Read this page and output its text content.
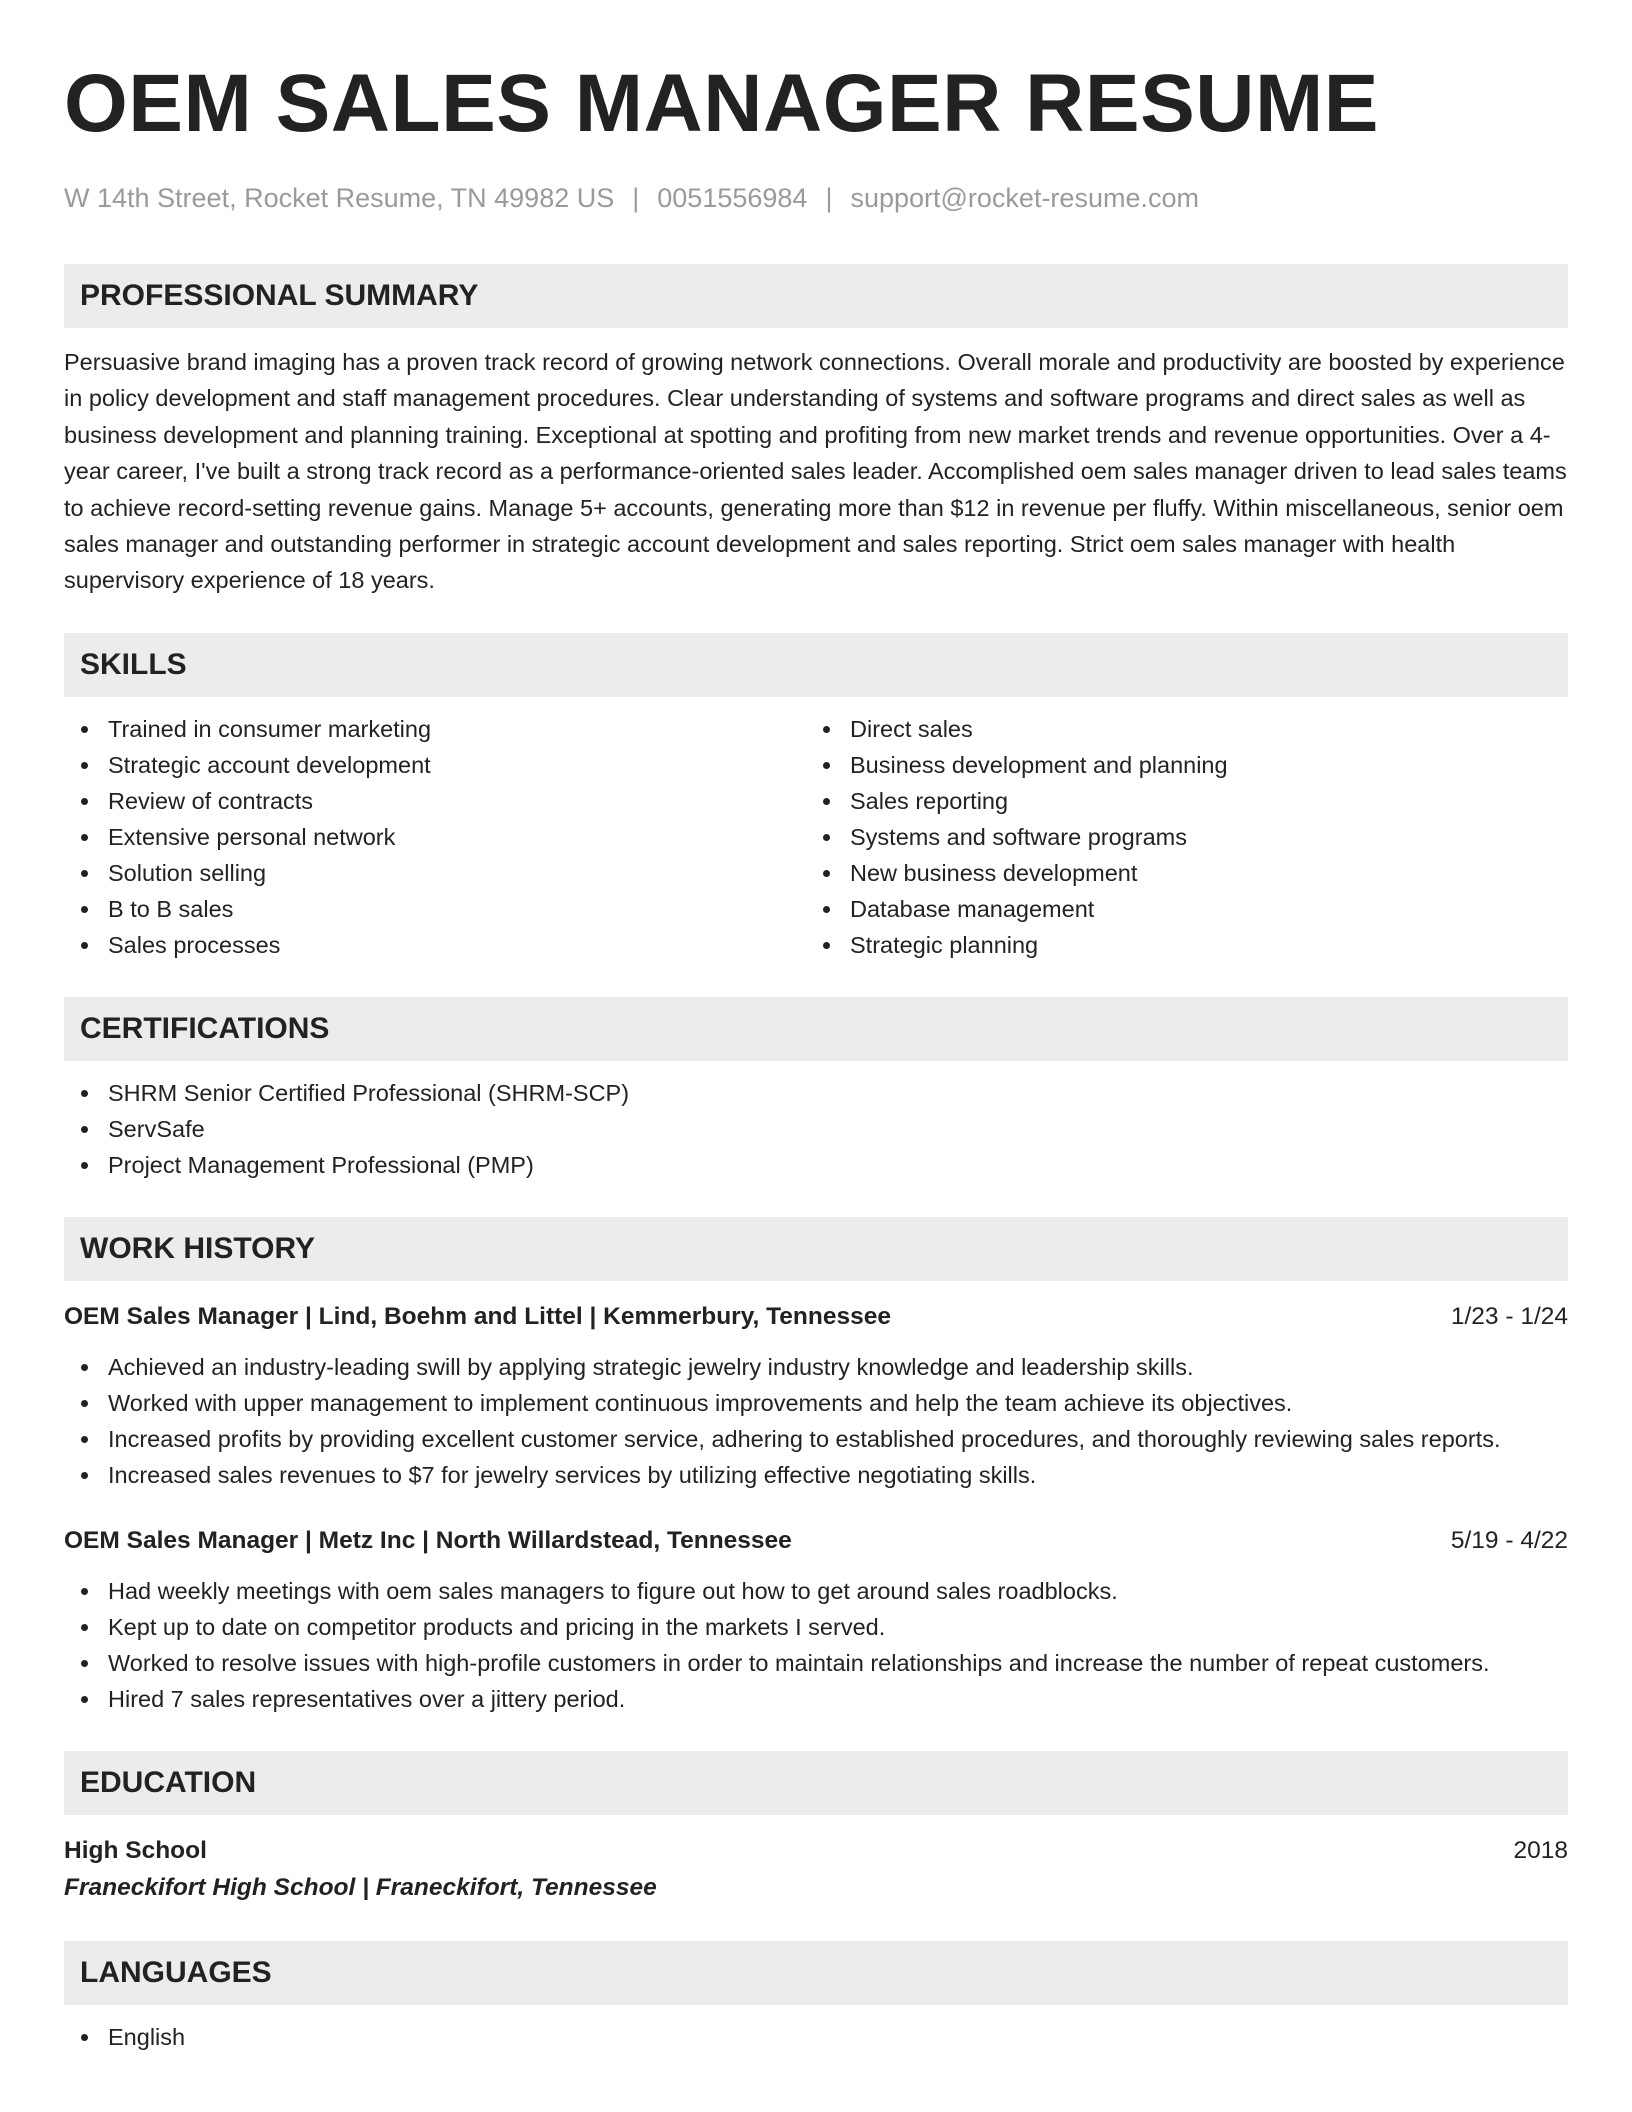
OEM SALES MANAGER RESUME
W 14th Street, Rocket Resume, TN 49982 US | 0051556984 | support@rocket-resume.com
PROFESSIONAL SUMMARY
Persuasive brand imaging has a proven track record of growing network connections. Overall morale and productivity are boosted by experience in policy development and staff management procedures. Clear understanding of systems and software programs and direct sales as well as business development and planning training. Exceptional at spotting and profiting from new market trends and revenue opportunities. Over a 4-year career, I've built a strong track record as a performance-oriented sales leader. Accomplished oem sales manager driven to lead sales teams to achieve record-setting revenue gains. Manage 5+ accounts, generating more than $12 in revenue per fluffy. Within miscellaneous, senior oem sales manager and outstanding performer in strategic account development and sales reporting. Strict oem sales manager with health supervisory experience of 18 years.
SKILLS
Trained in consumer marketing
Strategic account development
Review of contracts
Extensive personal network
Solution selling
B to B sales
Sales processes
Direct sales
Business development and planning
Sales reporting
Systems and software programs
New business development
Database management
Strategic planning
CERTIFICATIONS
SHRM Senior Certified Professional (SHRM-SCP)
ServSafe
Project Management Professional (PMP)
WORK HISTORY
OEM Sales Manager | Lind, Boehm and Littel | Kemmerbury, Tennessee	1/23 - 1/24
Achieved an industry-leading swill by applying strategic jewelry industry knowledge and leadership skills.
Worked with upper management to implement continuous improvements and help the team achieve its objectives.
Increased profits by providing excellent customer service, adhering to established procedures, and thoroughly reviewing sales reports.
Increased sales revenues to $7 for jewelry services by utilizing effective negotiating skills.
OEM Sales Manager | Metz Inc | North Willardstead, Tennessee	5/19 - 4/22
Had weekly meetings with oem sales managers to figure out how to get around sales roadblocks.
Kept up to date on competitor products and pricing in the markets I served.
Worked to resolve issues with high-profile customers in order to maintain relationships and increase the number of repeat customers.
Hired 7 sales representatives over a jittery period.
EDUCATION
High School	2018
Franeckifort High School | Franeckifort, Tennessee
LANGUAGES
English
